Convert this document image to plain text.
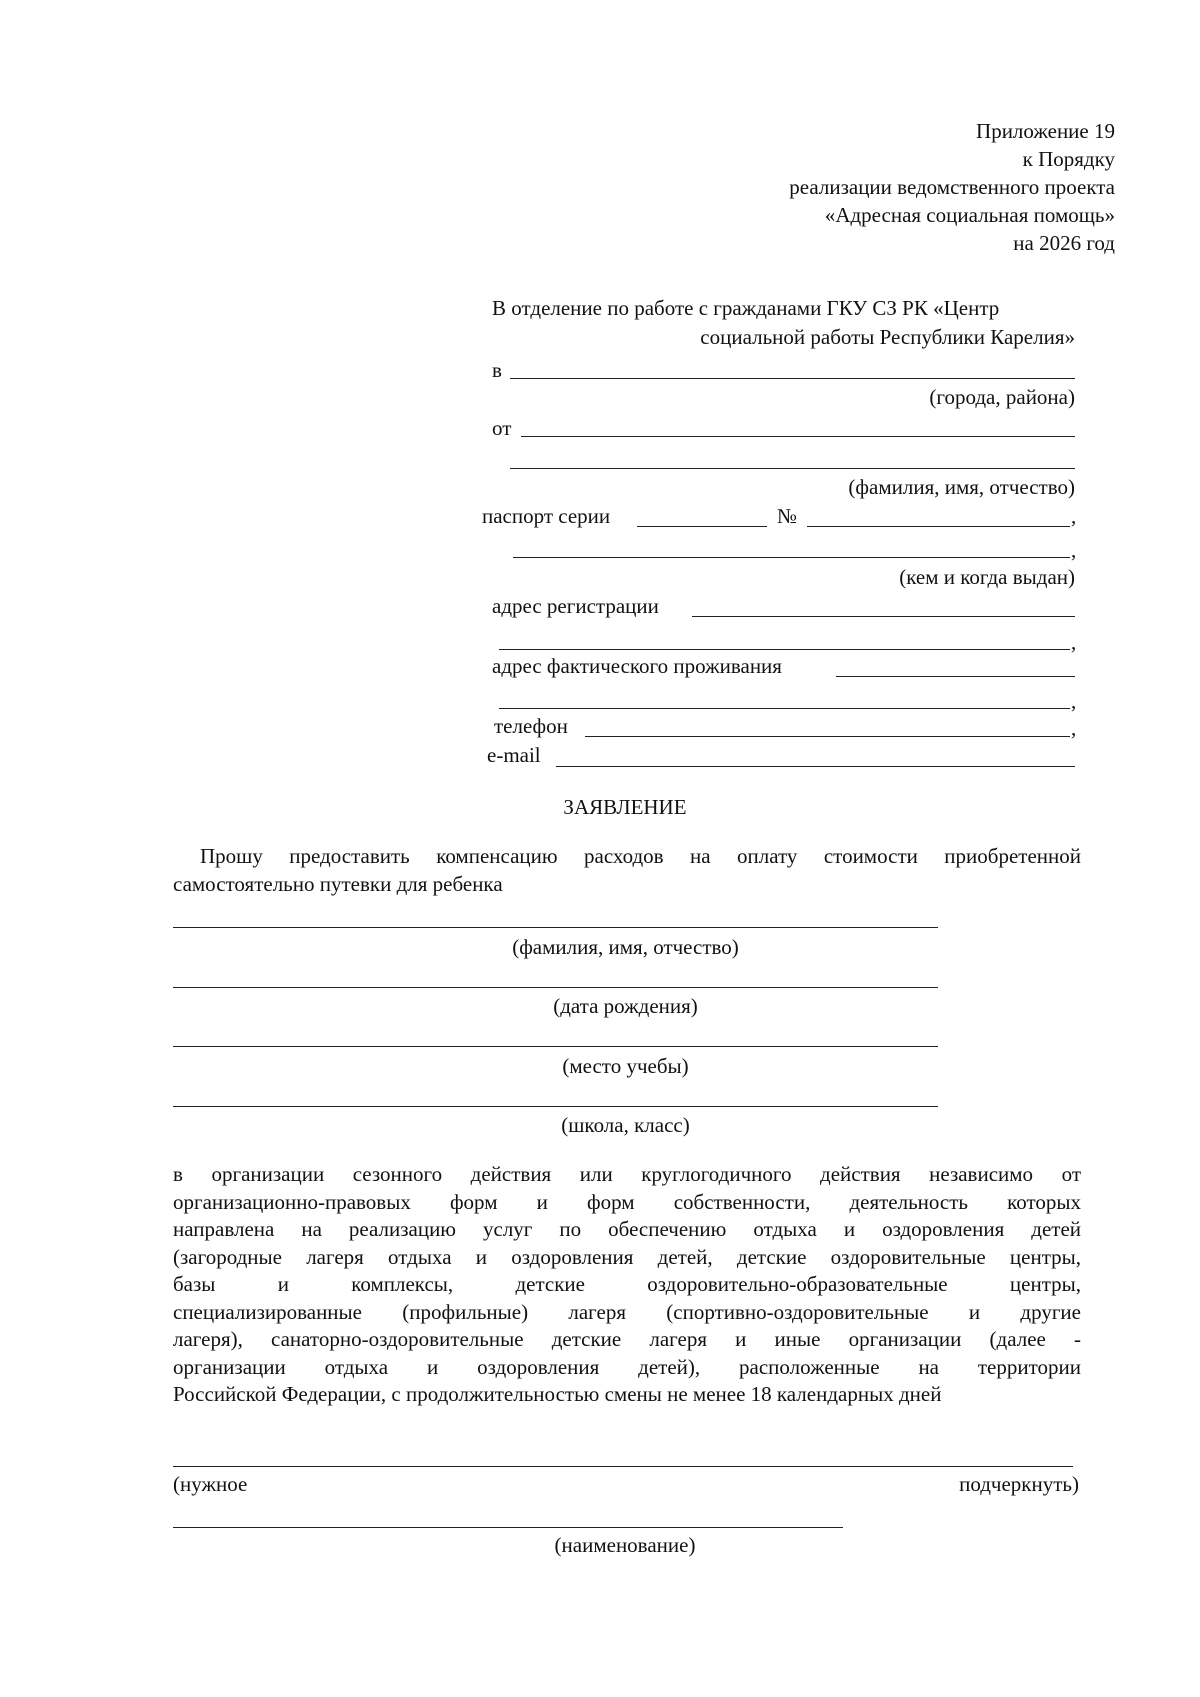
Приложение 19
к Порядку
реализации ведомственного проекта
«Адресная социальная помощь»
на 2026 год
В отделение по работе с гражданами ГКУ СЗ РК «Центр
социальной работы Республики Карелия»
в
(города, района)
от
(фамилия, имя, отчество)
паспорт серии	№	,
,
(кем и когда выдан)
адрес регистрации
,
адрес фактического проживания
,
телефон	,
e-mail
ЗАЯВЛЕНИЕ
Прошу предоставить компенсацию расходов на оплату стоимости приобретенной
самостоятельно путевки для ребенка
(фамилия, имя, отчество)
(дата рождения)
(место учебы)
(школа, класс)
в организации сезонного действия или круглогодичного действия независимо от
организационно-правовых форм и форм собственности, деятельность которых
направлена на реализацию услуг по обеспечению отдыха и оздоровления детей
(загородные лагеря отдыха и оздоровления детей, детские оздоровительные центры,
базы и комплексы, детские оздоровительно-образовательные центры,
специализированные (профильные) лагеря (спортивно-оздоровительные и другие
лагеря), санаторно-оздоровительные детские лагеря и иные организации (далее -
организации отдыха и оздоровления детей), расположенные на территории
Российской Федерации, с продолжительностью смены не менее 18 календарных дней
(нужное	подчеркнуть)
(наименование)
